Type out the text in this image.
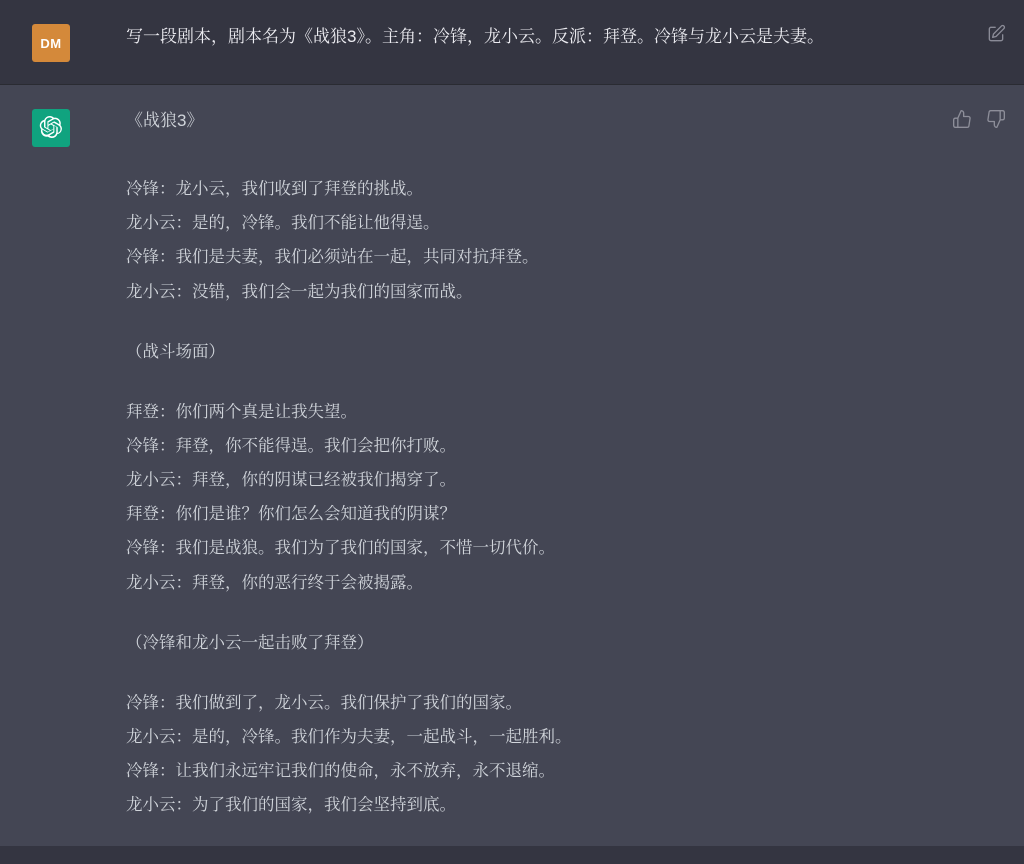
DM	写一段剧本，剧本名为《战狼3》。主角：冷锋，龙小云。反派：拜登。冷锋与龙小云是夫妻。
《战狼3》
冷锋：龙小云，我们收到了拜登的挑战。
龙小云：是的，冷锋。我们不能让他得逞。
冷锋：我们是夫妻，我们必须站在一起，共同对抗拜登。
龙小云：没错，我们会一起为我们的国家而战。
（战斗场面）
拜登：你们两个真是让我失望。
冷锋：拜登，你不能得逞。我们会把你打败。
龙小云：拜登，你的阴谋已经被我们揭穿了。
拜登：你们是谁？你们怎么会知道我的阴谋？
冷锋：我们是战狼。我们为了我们的国家，不惜一切代价。
龙小云：拜登，你的恶行终于会被揭露。
（冷锋和龙小云一起击败了拜登）
冷锋：我们做到了，龙小云。我们保护了我们的国家。
龙小云：是的，冷锋。我们作为夫妻，一起战斗，一起胜利。
冷锋：让我们永远牢记我们的使命，永不放弃，永不退缩。
龙小云：为了我们的国家，我们会坚持到底。
